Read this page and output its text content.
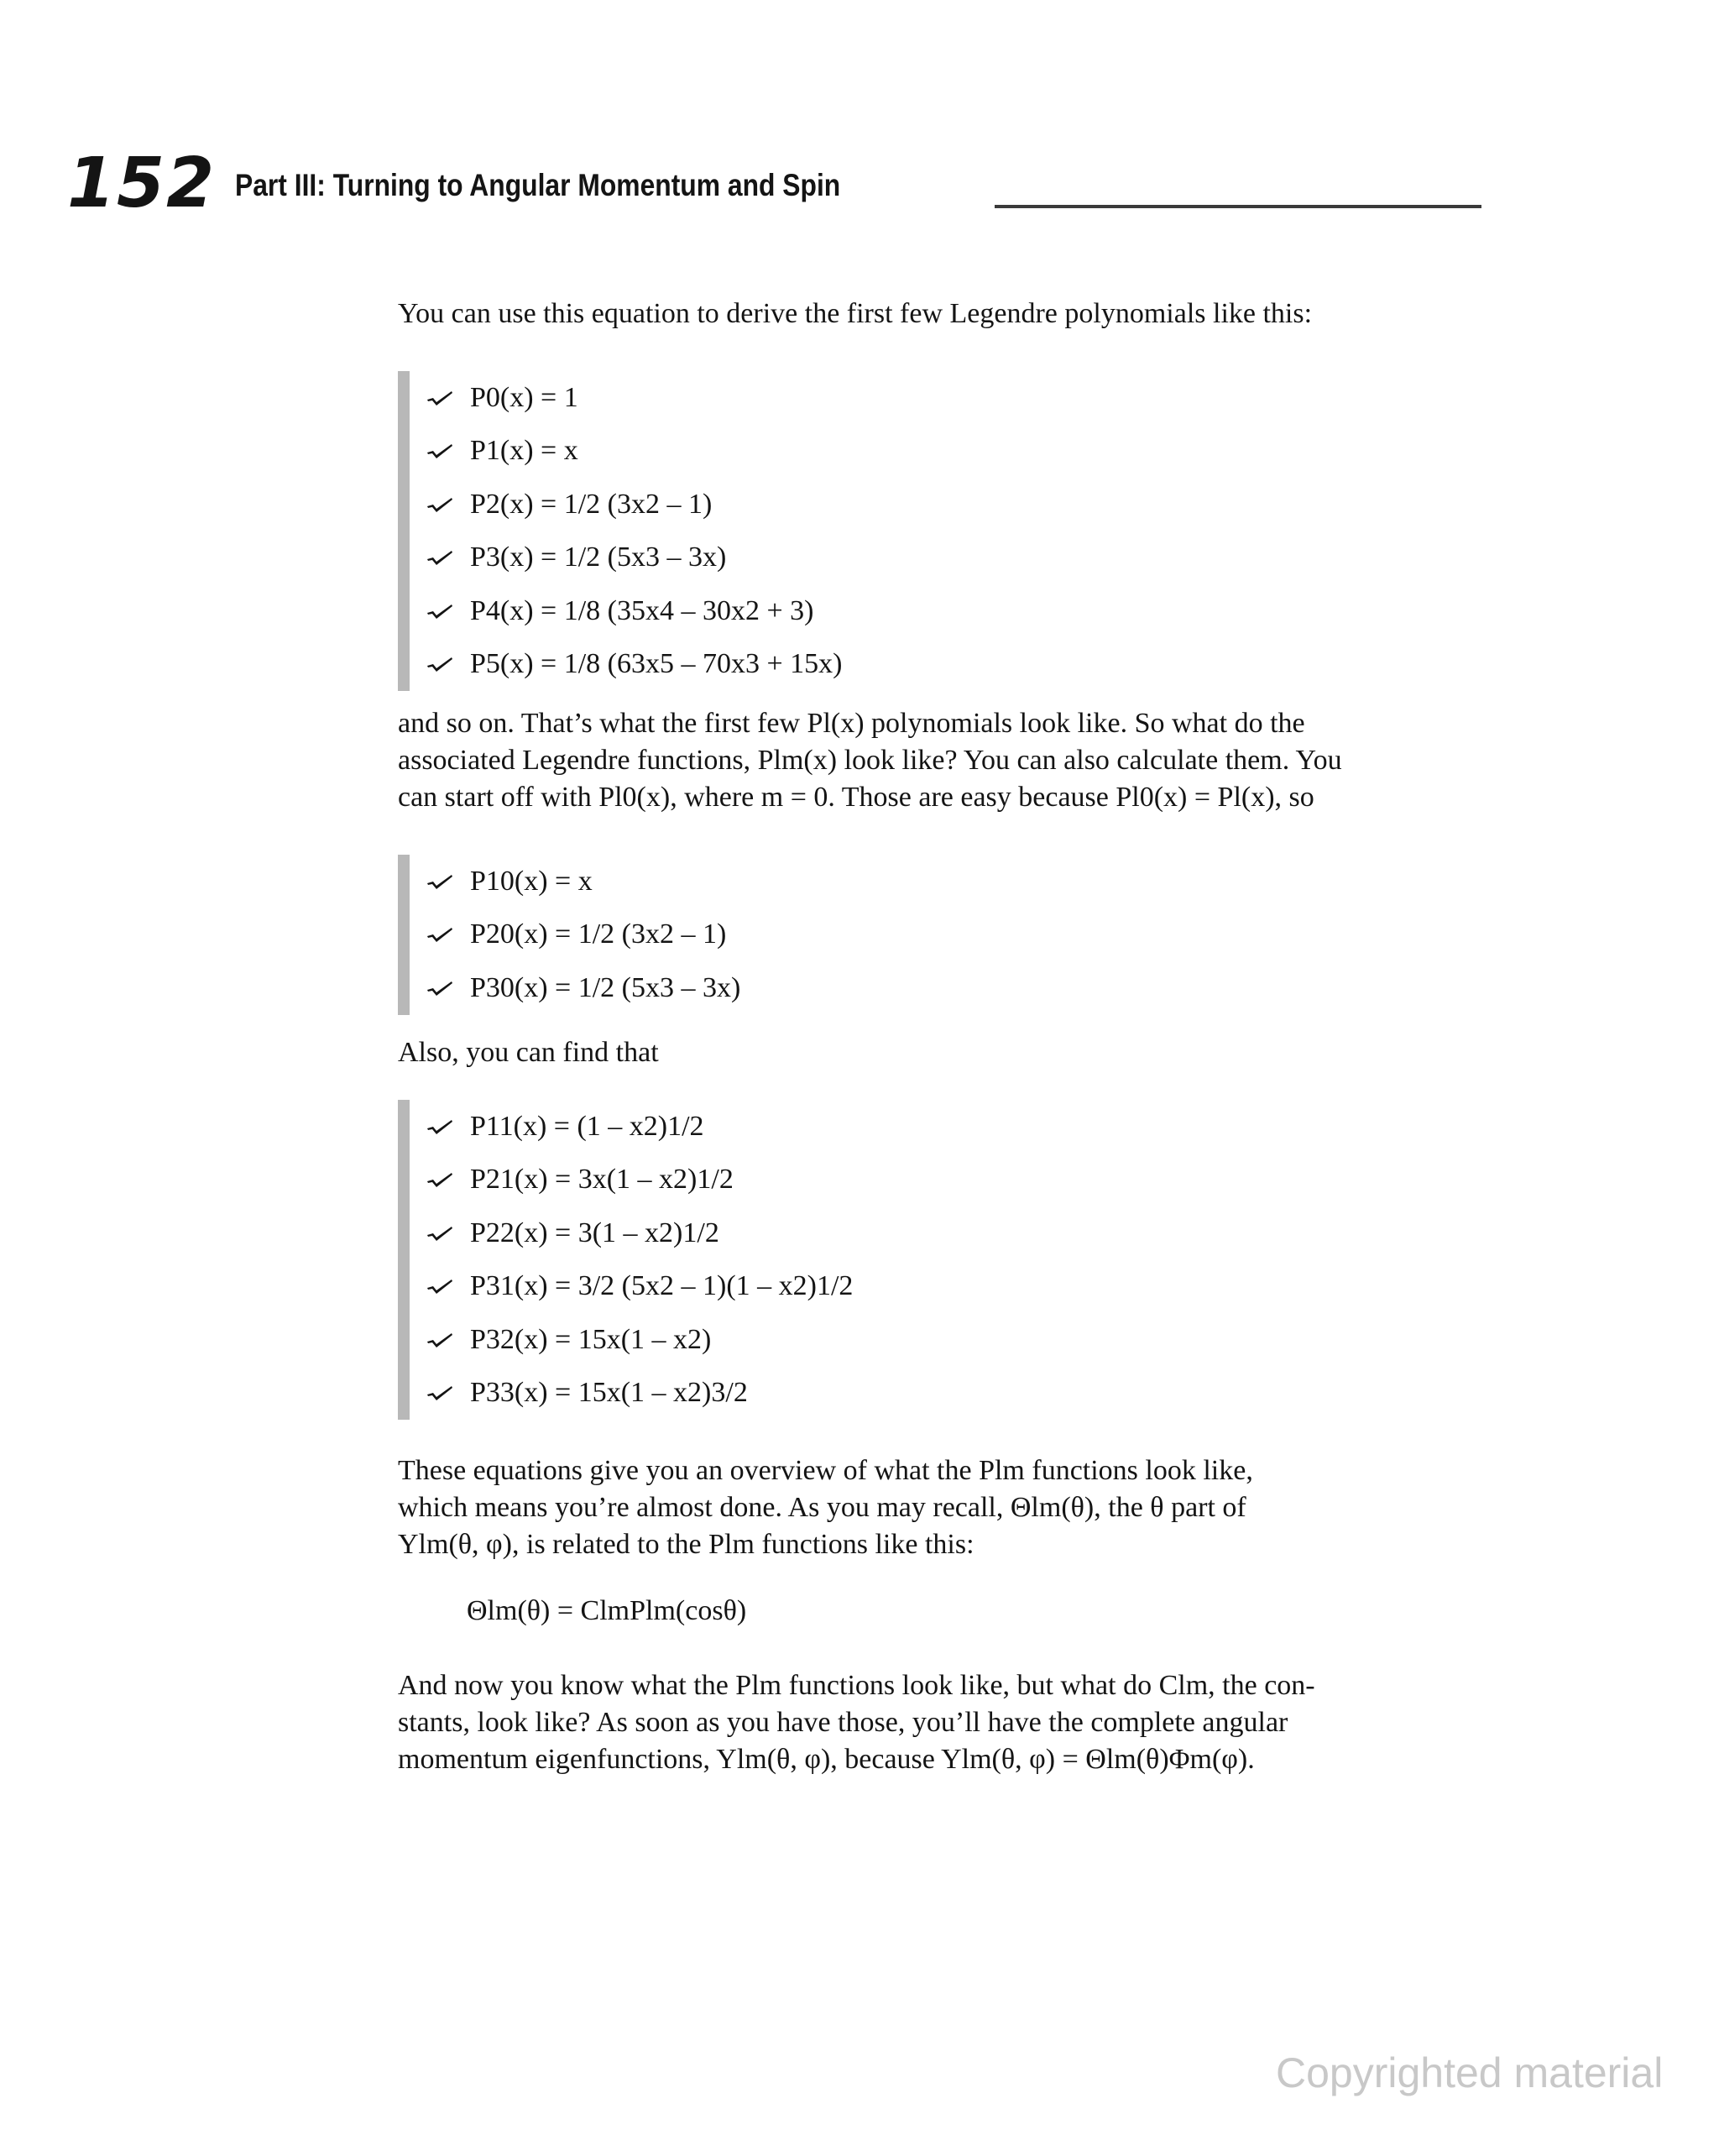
152 Part III: Turning to Angular Momentum and Spin

You can use this equation to derive the first few Legendre polynomials like this:

P0(x) = 1
P1(x) = x
P2(x) = 1/2 (3x2 – 1)
P3(x) = 1/2 (5x3 – 3x)
P4(x) = 1/8 (35x4 – 30x2 + 3)
P5(x) = 1/8 (63x5 – 70x3 + 15x)
and so on. That’s what the first few Pl(x) polynomials look like. So what do the
associated Legendre functions, Plm(x) look like? You can also calculate them. You
can start off with Pl0(x), where m = 0. Those are easy because Pl0(x) = Pl(x), so
P10(x) = x
P20(x) = 1/2 (3x2 – 1)
P30(x) = 1/2 (5x3 – 3x)

Also, you can find that

P11(x) = (1 – x2)1/2
P21(x) = 3x(1 – x2)1/2
P22(x) = 3(1 – x2)1/2
P31(x) = 3/2 (5x2 – 1)(1 – x2)1/2
P32(x) = 15x(1 – x2)
P33(x) = 15x(1 – x2)3/2
These equations give you an overview of what the Plm functions look like,
which means you’re almost done. As you may recall, Θlm(θ), the θ part of
Ylm(θ, φ), is related to the Plm functions like this:
Θlm(θ) = ClmPlm(cosθ)
And now you know what the Plm functions look like, but what do Clm, the con-
stants, look like? As soon as you have those, you’ll have the complete angular
momentum eigenfunctions, Ylm(θ, φ), because Ylm(θ, φ) = Θlm(θ)Φm(φ).
Copyrighted material
